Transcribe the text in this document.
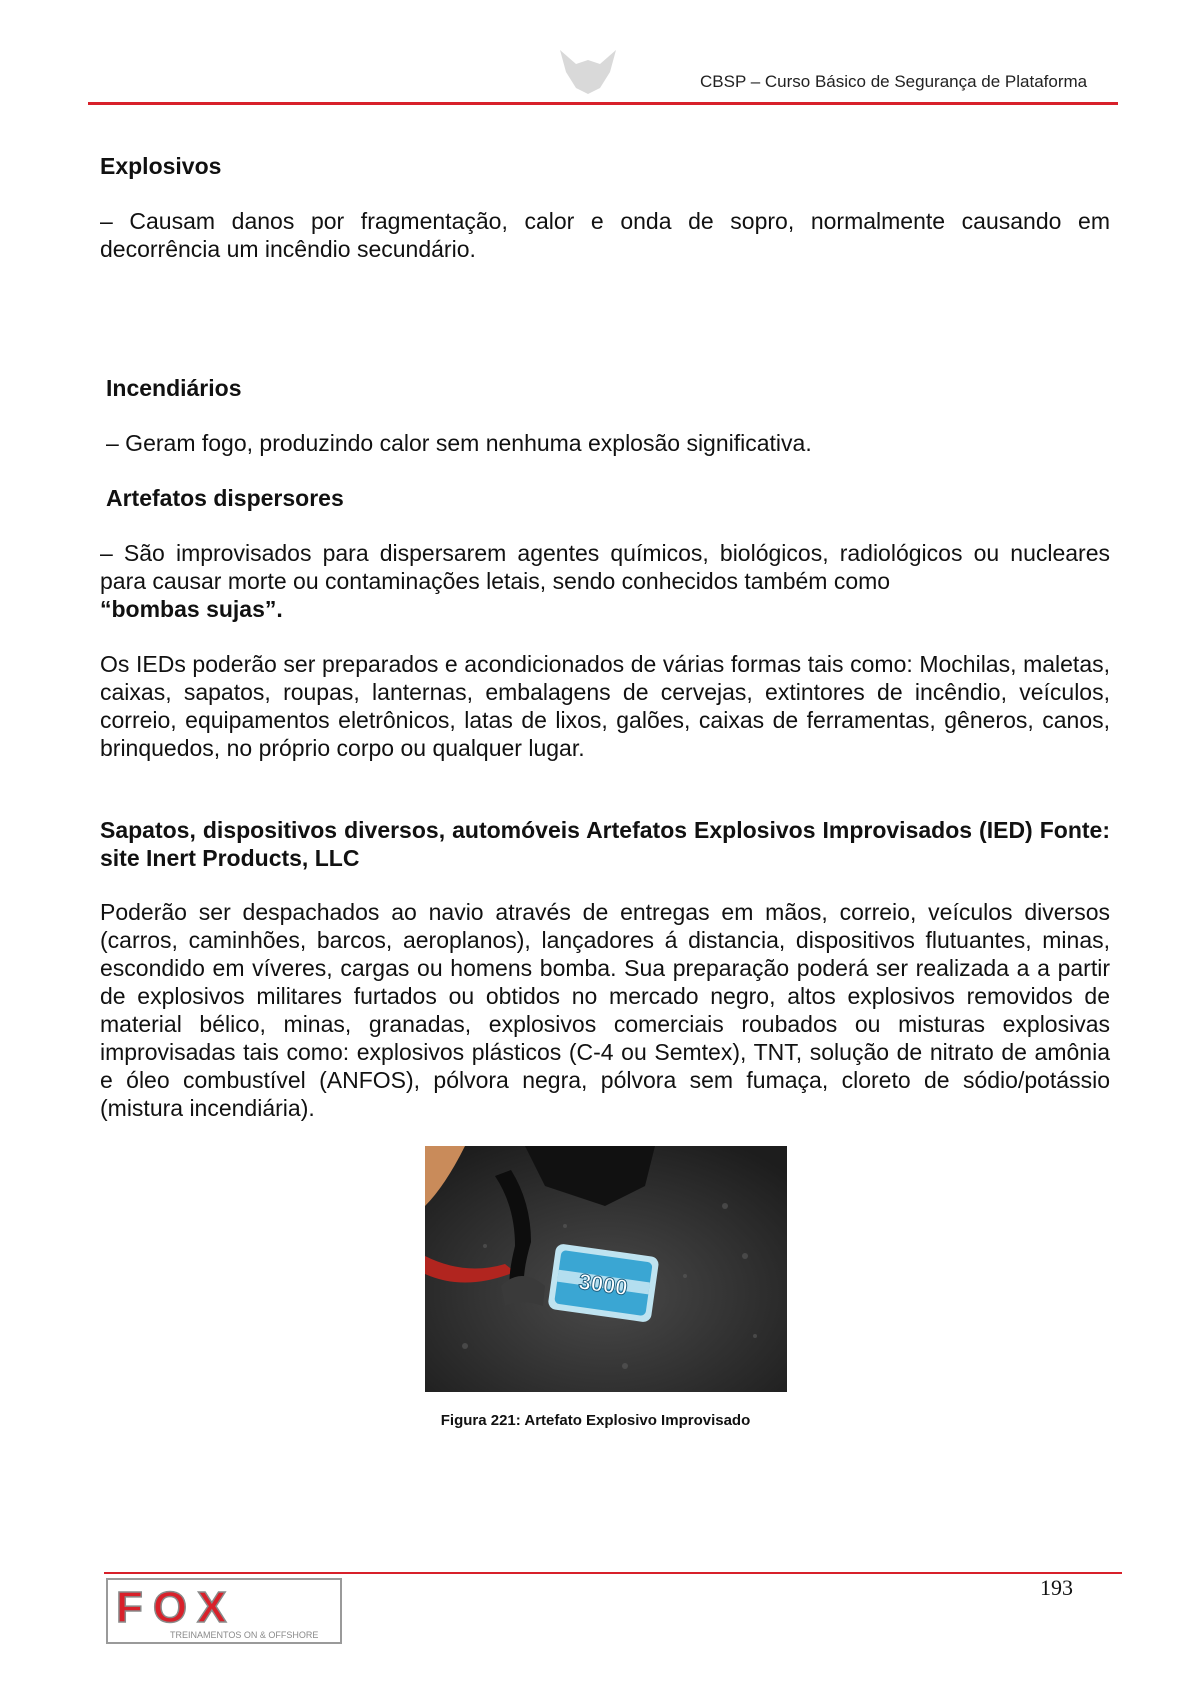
CBSP – Curso Básico de Segurança de Plataforma
Explosivos
– Causam danos por fragmentação, calor e onda de sopro, normalmente causando em decorrência um incêndio secundário.
Incendiários
– Geram fogo, produzindo calor sem nenhuma explosão significativa.
Artefatos dispersores
– São improvisados para dispersarem agentes químicos, biológicos, radiológicos ou nucleares para causar morte ou contaminações letais, sendo conhecidos também como
“bombas sujas”.
Os IEDs poderão ser preparados e acondicionados de várias formas tais como: Mochilas, maletas, caixas, sapatos, roupas, lanternas, embalagens de cervejas, extintores de incêndio, veículos, correio, equipamentos eletrônicos, latas de lixos, galões, caixas de ferramentas, gêneros, canos, brinquedos, no próprio corpo ou qualquer lugar.
Sapatos, dispositivos diversos, automóveis Artefatos Explosivos Improvisados (IED) Fonte: site Inert Products, LLC
Poderão ser despachados ao navio através de entregas em mãos, correio, veículos diversos (carros, caminhões, barcos, aeroplanos), lançadores á distancia, dispositivos flutuantes, minas, escondido em víveres, cargas ou homens bomba. Sua preparação poderá ser realizada a a partir de explosivos militares furtados ou obtidos no mercado negro, altos explosivos removidos de material bélico, minas, granadas, explosivos comerciais roubados ou misturas explosivas improvisadas tais como: explosivos plásticos (C-4 ou Semtex), TNT, solução de nitrato de amônia e óleo combustível (ANFOS), pólvora negra, pólvora sem fumaça, cloreto de sódio/potássio (mistura incendiária).
3000
Figura 221: Artefato Explosivo Improvisado
193
FOX
TREINAMENTOS ON & OFFSHORE
